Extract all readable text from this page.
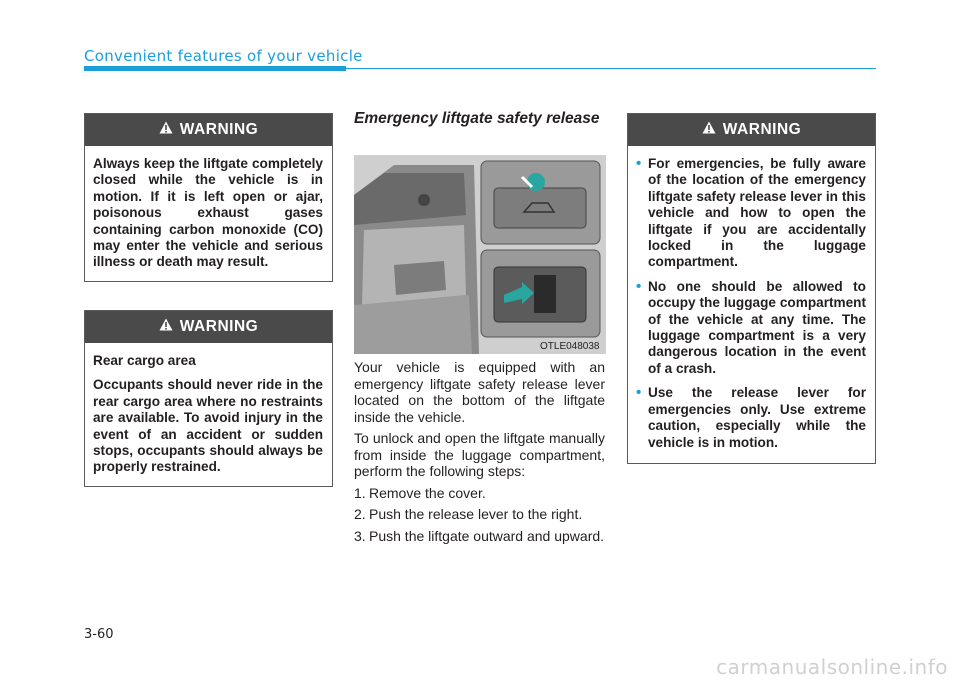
Convenient features of your vehicle
WARNING

Always keep the liftgate completely closed while the vehicle is in motion. If it is left open or ajar, poisonous exhaust gases containing carbon monoxide (CO) may enter the vehicle and serious illness or death may result.

WARNING

Rear cargo area

Occupants should never ride in the rear cargo area where no restraints are available. To avoid injury in the event of an accident or sudden stops, occupants should always be properly restrained.

Emergency liftgate safety release
OTLE048038

Your vehicle is equipped with an emergency liftgate safety release lever located on the bottom of the liftgate inside the vehicle.

To unlock and open the liftgate manually from inside the luggage compartment, perform the following steps:

1. Remove the cover.
2. Push the release lever to the right.
3. Push the liftgate outward and upward.
WARNING
• For emergencies, be fully aware of the location of the emergency liftgate safety release lever in this vehicle and how to open the liftgate if you are accidentally locked in the luggage compartment.
• No one should be allowed to occupy the luggage compartment of the vehicle at any time. The luggage compartment is a very dangerous location in the event of a crash.
• Use the release lever for emergencies only. Use extreme caution, especially while the vehicle is in motion.
3-60
carmanualsonline.info
